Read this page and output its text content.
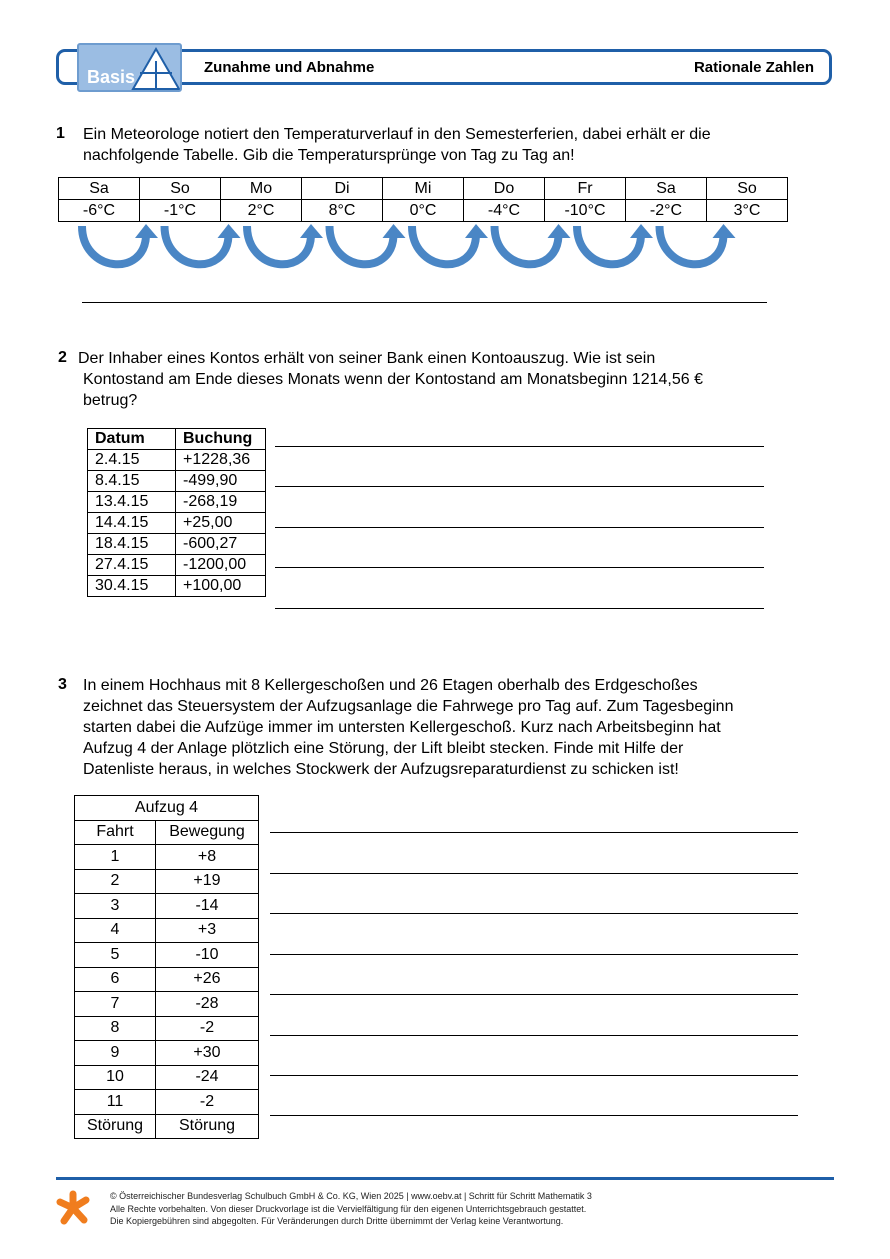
Basis	Zunahme und Abnahme	Rationale Zahlen
1 Ein Meteorologe notiert den Temperaturverlauf in den Semesterferien, dabei erhält er die
nachfolgende Tabelle. Gib die Temperatursprünge von Tag zu Tag an!
Sa	So	Mo	Di	Mi	Do	Fr	Sa	So
-6°C	-1°C	2°C	8°C	0°C	-4°C	-10°C	-2°C	3°C
2 Der Inhaber eines Kontos erhält von seiner Bank einen Kontoauszug. Wie ist sein
Kontostand am Ende dieses Monats wenn der Kontostand am Monatsbeginn 1214,56 €
betrug?
Datum	Buchung
2.4.15	+1228,36
8.4.15	-499,90
13.4.15	-268,19
14.4.15	+25,00
18.4.15	-600,27
27.4.15	-1200,00
30.4.15	+100,00
3 In einem Hochhaus mit 8 Kellergeschoßen und 26 Etagen oberhalb des Erdgeschoßes
zeichnet das Steuersystem der Aufzugsanlage die Fahrwege pro Tag auf. Zum Tagesbeginn
starten dabei die Aufzüge immer im untersten Kellergeschoß. Kurz nach Arbeitsbeginn hat
Aufzug 4 der Anlage plötzlich eine Störung, der Lift bleibt stecken. Finde mit Hilfe der
Datenliste heraus, in welches Stockwerk der Aufzugsreparaturdienst zu schicken ist!
Aufzug 4	
Fahrt	Bewegung
1	+8
2	+19
3	-14
4	+3
5	-10
6	+26
7	-28
8	-2
9	+30
10	-24
11	-2
Störung	Störung
© Österreichischer Bundesverlag Schulbuch GmbH & Co. KG, Wien 2025 | www.oebv.at | Schritt für Schritt Mathematik 3
Alle Rechte vorbehalten. Von dieser Druckvorlage ist die Vervielfältigung für den eigenen Unterrichtsgebrauch gestattet.
Die Kopiergebühren sind abgegolten. Für Veränderungen durch Dritte übernimmt der Verlag keine Verantwortung.
